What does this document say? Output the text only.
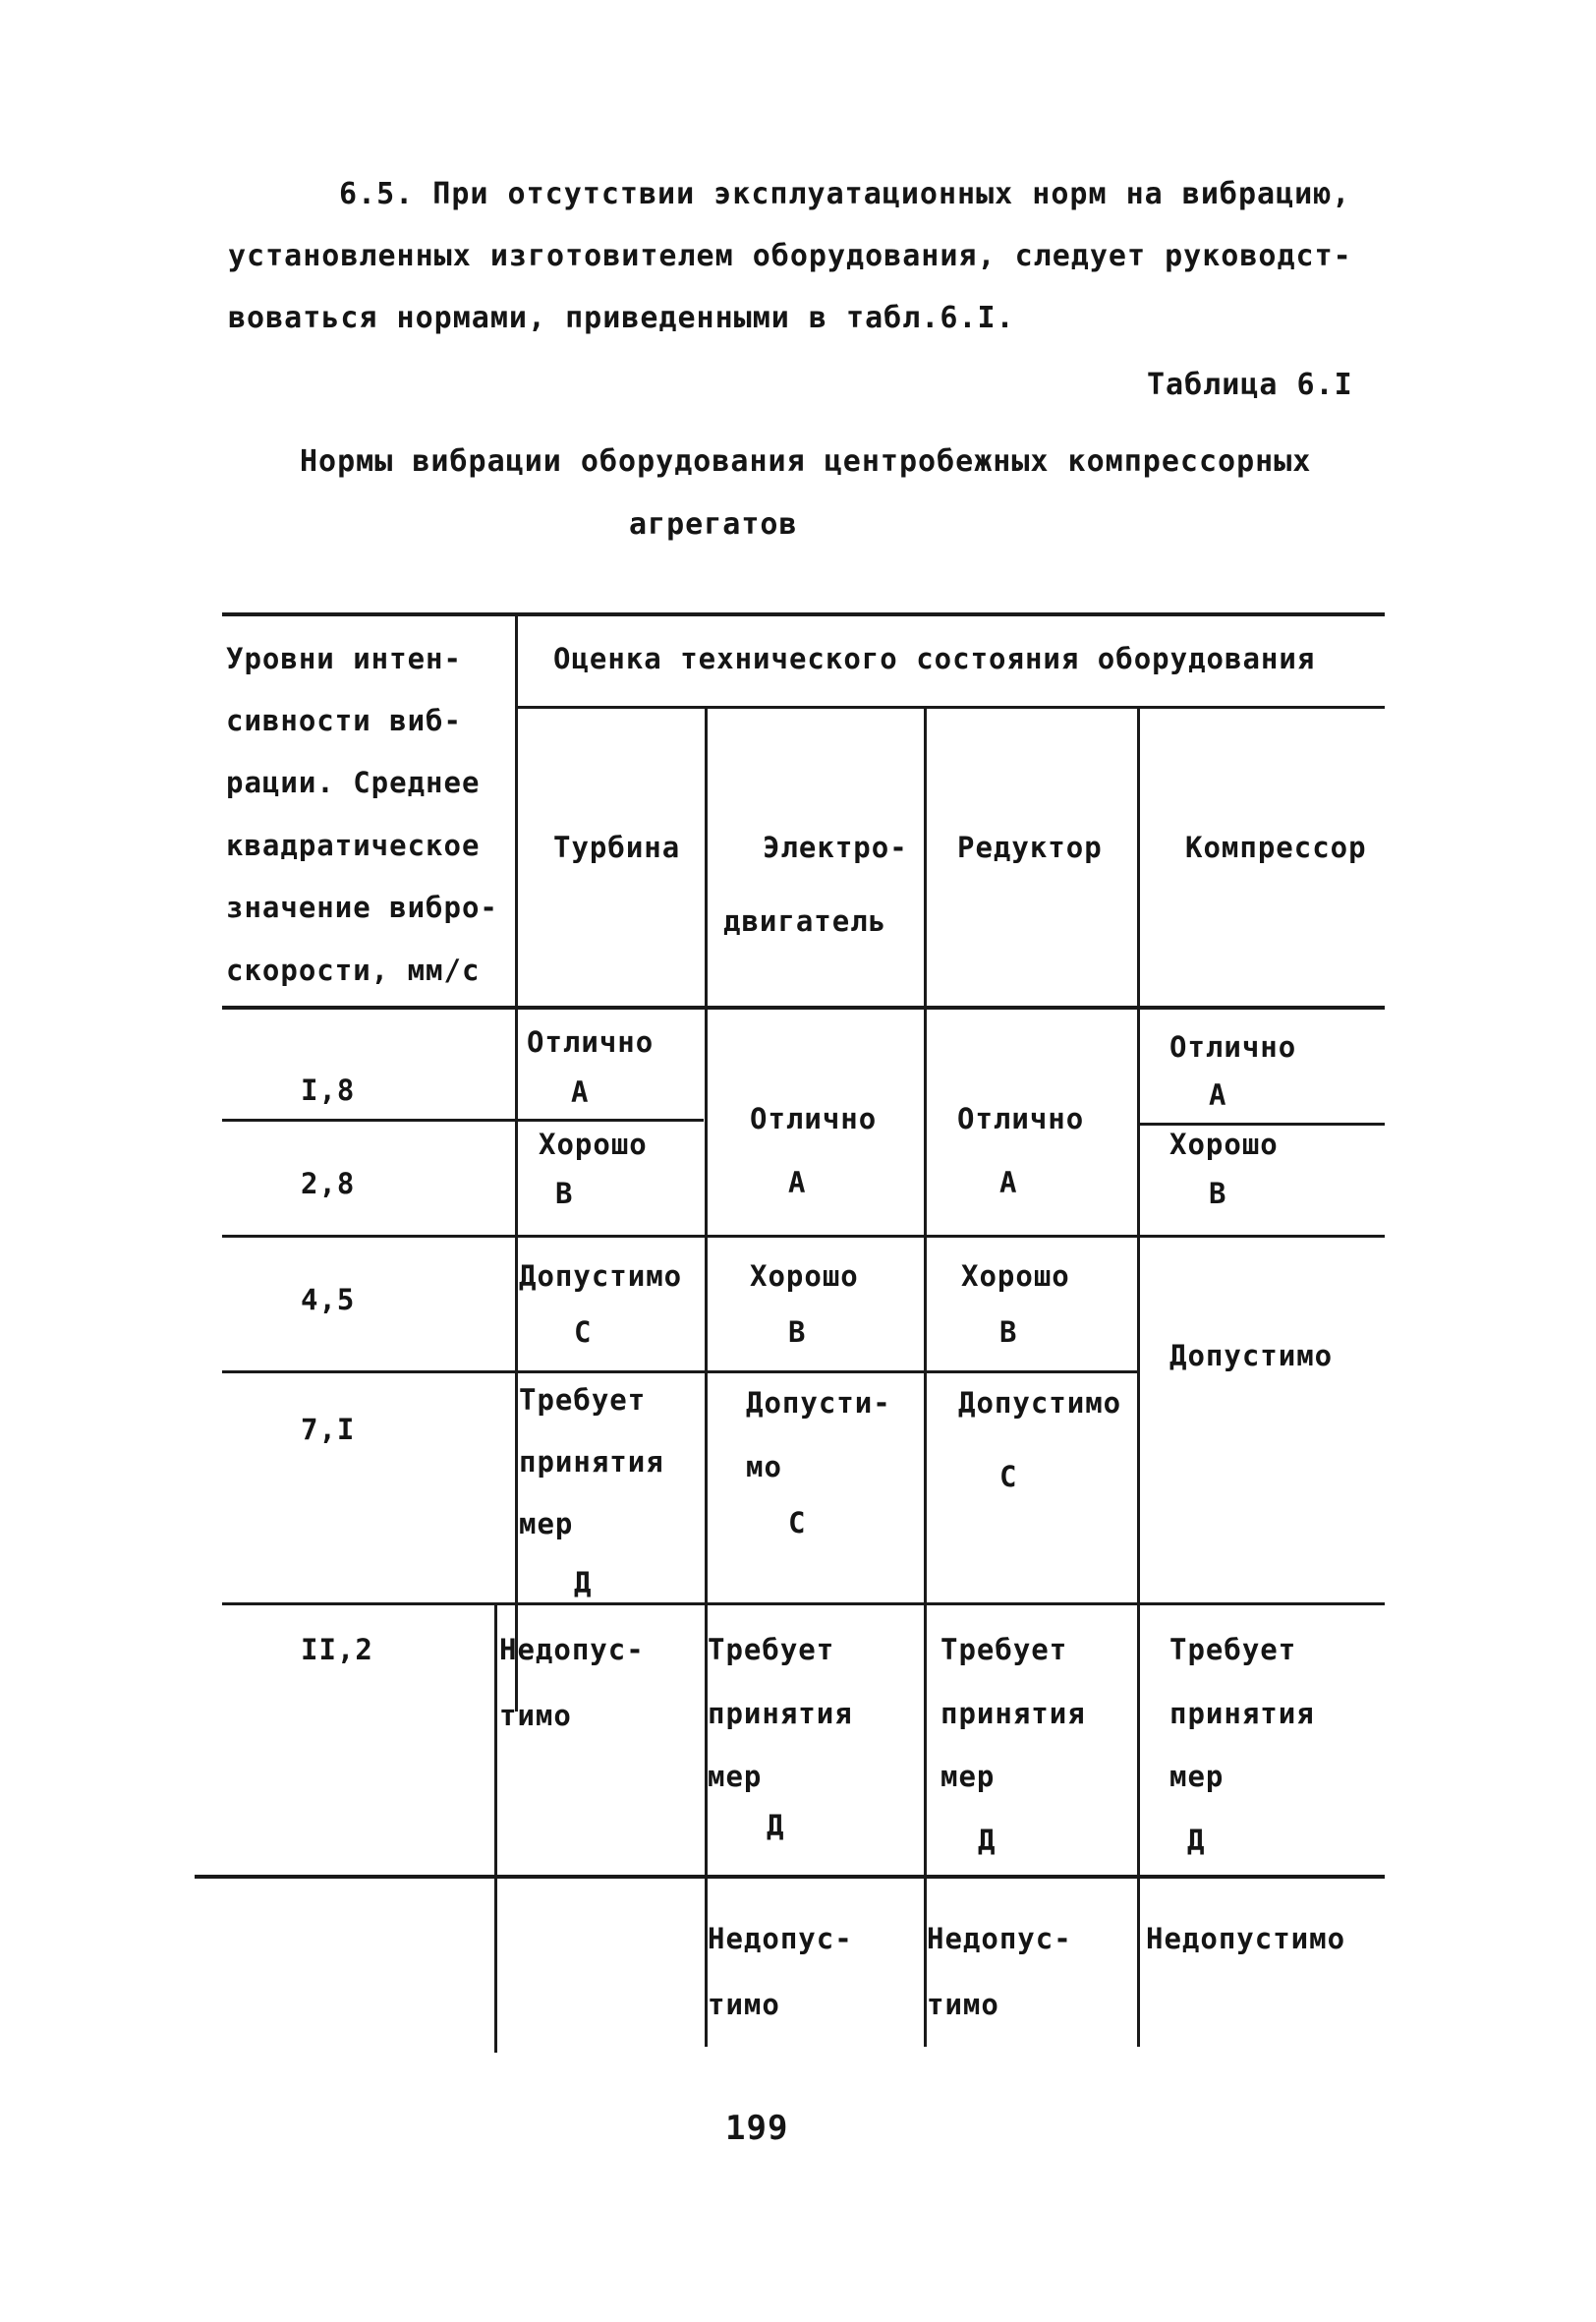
6.5. При отсутствии эксплуатационных норм на вибрацию,
установленных изготовителем оборудования, следует руководст-
воваться нормами, приведенными в табл.6.I.
Таблица 6.I
Нормы вибрации оборудования центробежных компрессорных
агрегатов
Уровни интен-
сивности виб-
рации. Среднее
квадратическое
значение вибро-
скорости, мм/с
Оценка технического состояния оборудования
Турбина	Электро-
двигатель
Редуктор	Компрессор
I,8
2,8
4,5
7,I
II,2
Отлично
А
Хорошо
В
Допустимо
С
Требует
принятия
мер
Д
Недопус-
тимо
Отлично
А
Хорошо
В
Допусти-
мо
С
Требует
принятия
мер
Д
Недопус-
тимо
Отлично
А
Хорошо
В
Допустимо
С
Требует
принятия
мер
Д
Недопус-
тимо
Отлично
А
Хорошо
В
Допустимо
Требует
принятия
мер
Д
Недопустимо
199
